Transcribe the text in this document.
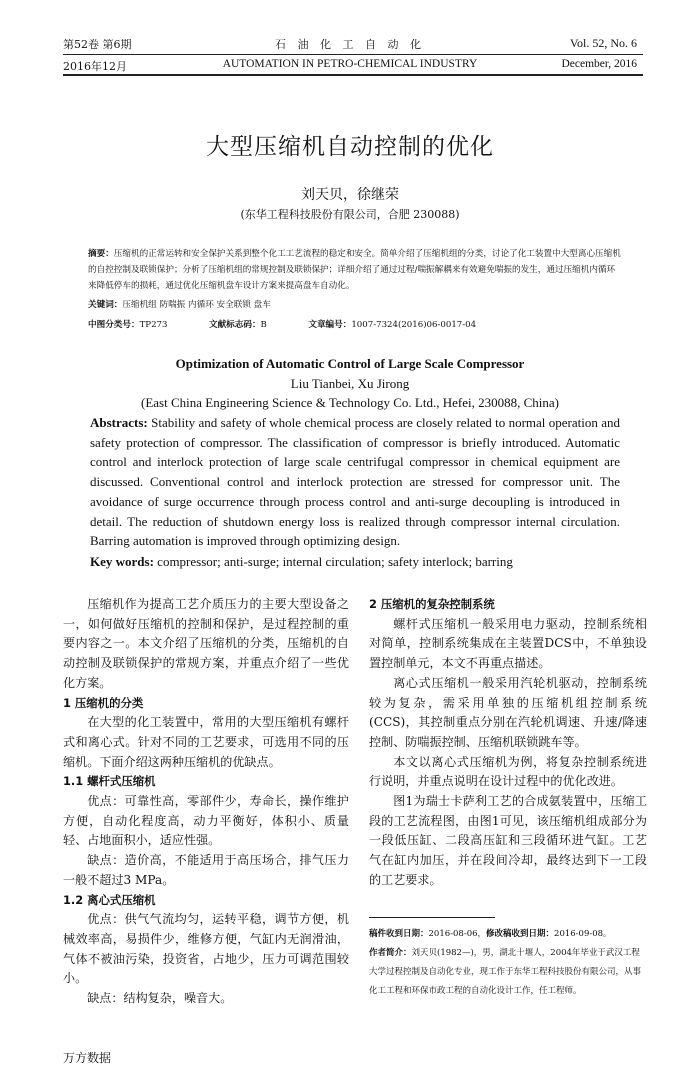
第52卷 第6期	石 油 化 工 自 动 化	Vol. 52, No. 6
2016年12月	AUTOMATION IN PETRO-CHEMICAL INDUSTRY	December, 2016
大型压缩机自动控制的优化
刘天贝，徐继荣
(东华工程科技股份有限公司，合肥 230088)
摘要：压缩机的正常运转和安全保护关系到整个化工工艺流程的稳定和安全。简单介绍了压缩机组的分类，讨论了化工装置中大型离心压缩机的自控控制及联锁保护；分析了压缩机组的常规控制及联锁保护；详细介绍了通过过程/喘振解耦来有效避免喘振的发生，通过压缩机内循环来降低停车的损耗，通过优化压缩机盘车设计方案来提高盘车自动化。
关键词：压缩机组 防喘振 内循环 安全联锁 盘车
中图分类号：TP273	文献标志码：B	文章编号：1007-7324(2016)06-0017-04
Optimization of Automatic Control of Large Scale Compressor
Liu Tianbei, Xu Jirong
(East China Engineering Science & Technology Co. Ltd., Hefei, 230088, China)
Abstracts: Stability and safety of whole chemical process are closely related to normal operation and safety protection of compressor. The classification of compressor is briefly introduced. Automatic control and interlock protection of large scale centrifugal compressor in chemical equipment are discussed. Conventional control and interlock protection are stressed for compressor unit. The avoidance of surge occurrence through process control and anti-surge decoupling is introduced in detail. The reduction of shutdown energy loss is realized through compressor internal circulation. Barring automation is improved through optimizing design.
Key words: compressor; anti-surge; internal circulation; safety interlock; barring

压缩机作为提高工艺介质压力的主要大型设备之一，如何做好压缩机的控制和保护，是过程控制的重要内容之一。本文介绍了压缩机的分类，压缩机的自动控制及联锁保护的常规方案，并重点介绍了一些优化方案。

1 压缩机的分类

在大型的化工装置中，常用的大型压缩机有螺杆式和离心式。针对不同的工艺要求，可选用不同的压缩机。下面介绍这两种压缩机的优缺点。

1.1 螺杆式压缩机

优点：可靠性高，零部件少，寿命长，操作维护方便，自动化程度高，动力平衡好，体积小、质量轻、占地面积小，适应性强。

缺点：造价高，不能适用于高压场合，排气压力一般不超过3 MPa。

1.2 离心式压缩机

优点：供气气流均匀，运转平稳，调节方便，机械效率高，易损件少，维修方便，气缸内无润滑油，气体不被油污染，投资省，占地少，压力可调范围较小。

缺点：结构复杂，噪音大。

2 压缩机的复杂控制系统

螺杆式压缩机一般采用电力驱动，控制系统相对简单，控制系统集成在主装置DCS中，不单独设置控制单元，本文不再重点描述。

离心式压缩机一般采用汽轮机驱动，控制系统较为复杂，需采用单独的压缩机组控制系统(CCS)，其控制重点分别在汽轮机调速、升速/降速控制、防喘振控制、压缩机联锁跳车等。

本文以离心式压缩机为例，将复杂控制系统进行说明，并重点说明在设计过程中的优化改进。

图1为瑞士卡萨利工艺的合成氨装置中，压缩工段的工艺流程图，由图1可见，该压缩机组成部分为一段低压缸、二段高压缸和三段循环进气缸。工艺气在缸内加压，并在段间冷却，最终达到下一工段的工艺要求。

稿件收到日期：2016-08-06，修改稿收到日期：2016-09-08。
作者简介：刘天贝(1982—)，男，湖北十堰人，2004年毕业于武汉工程大学过程控制及自动化专业，现工作于东华工程科技股份有限公司，从事化工工程和环保市政工程的自动化设计工作，任工程师。
万方数据
